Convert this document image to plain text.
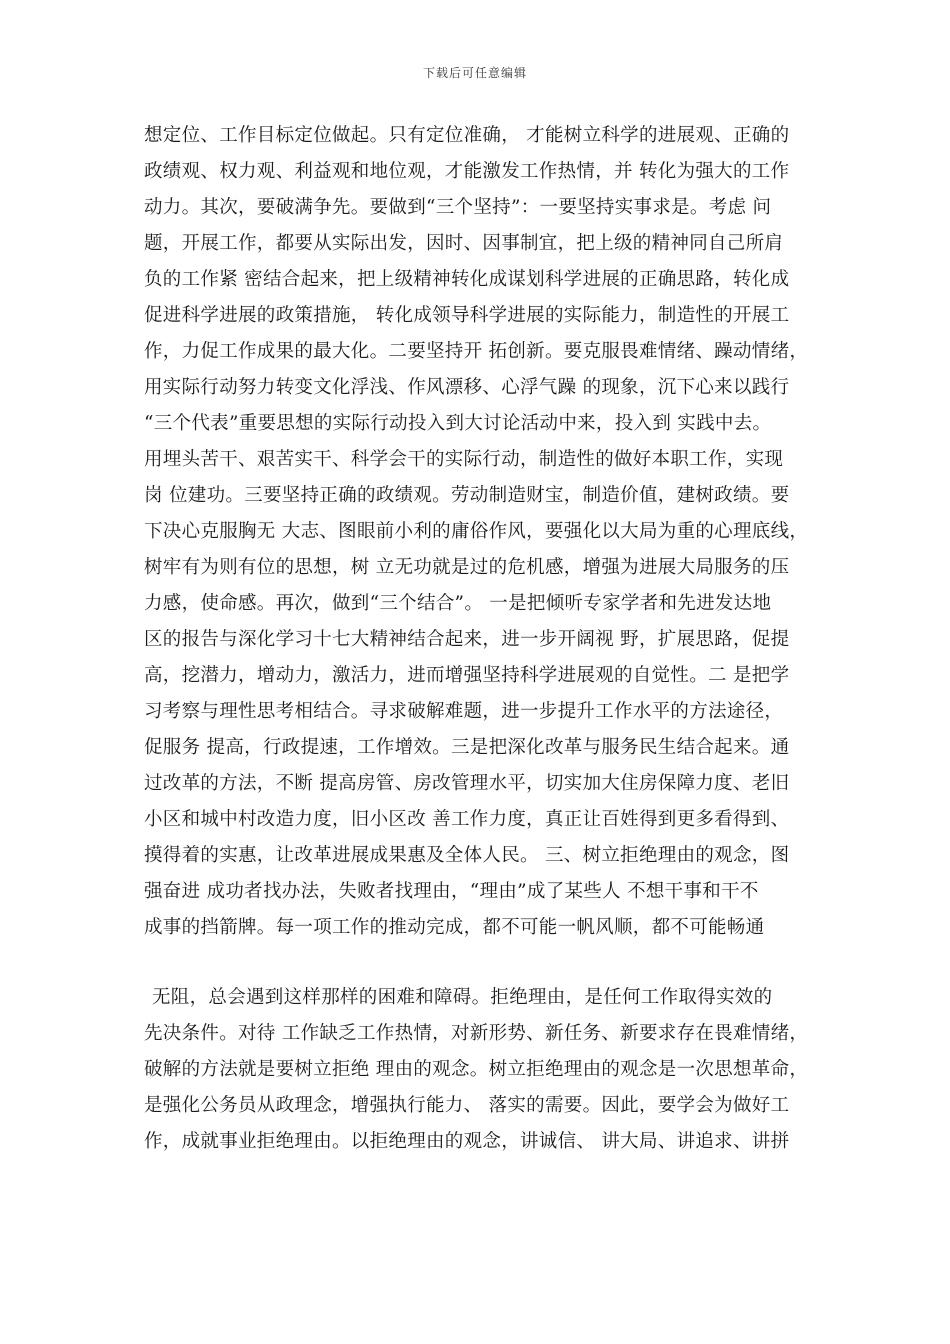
下载后可任意编辑
想定位、工作目标定位做起。只有定位准确， 才能树立科学的进展观、正确的
政绩观、权力观、利益观和地位观，才能激发工作热情，并 转化为强大的工作
动力。其次，要破满争先。要做到“三个坚持”：一要坚持实事求是。考虑 问
题，开展工作，都要从实际出发，因时、因事制宜，把上级的精神同自己所肩
负的工作紧 密结合起来，把上级精神转化成谋划科学进展的正确思路，转化成
促进科学进展的政策措施， 转化成领导科学进展的实际能力，制造性的开展工
作，力促工作成果的最大化。二要坚持开 拓创新。要克服畏难情绪、躁动情绪，
用实际行动努力转变文化浮浅、作风漂移、心浮气躁 的现象，沉下心来以践行
“三个代表”重要思想的实际行动投入到大讨论活动中来，投入到 实践中去。
用埋头苦干、艰苦实干、科学会干的实际行动，制造性的做好本职工作，实现
岗 位建功。三要坚持正确的政绩观。劳动制造财宝，制造价值，建树政绩。要
下决心克服胸无 大志、图眼前小利的庸俗作风，要强化以大局为重的心理底线，
树牢有为则有位的思想，树 立无功就是过的危机感，增强为进展大局服务的压
力感，使命感。再次，做到“三个结合”。 一是把倾听专家学者和先进发达地
区的报告与深化学习十七大精神结合起来，进一步开阔视 野，扩展思路，促提
高，挖潜力，增动力，激活力，进而增强坚持科学进展观的自觉性。二 是把学
习考察与理性思考相结合。寻求破解难题，进一步提升工作水平的方法途径，
促服务 提高，行政提速，工作增效。三是把深化改革与服务民生结合起来。通
过改革的方法，不断 提高房管、房改管理水平，切实加大住房保障力度、老旧
小区和城中村改造力度，旧小区改 善工作力度，真正让百姓得到更多看得到、
摸得着的实惠，让改革进展成果惠及全体人民。 三、树立拒绝理由的观念，图
强奋进 成功者找办法，失败者找理由，“理由”成了某些人 不想干事和干不
成事的挡箭牌。每一项工作的推动完成，都不可能一帆风顺，都不可能畅通
无阻，总会遇到这样那样的困难和障碍。拒绝理由，是任何工作取得实效的
先决条件。对待 工作缺乏工作热情，对新形势、新任务、新要求存在畏难情绪，
破解的方法就是要树立拒绝 理由的观念。树立拒绝理由的观念是一次思想革命，
是强化公务员从政理念，增强执行能力、 落实的需要。因此，要学会为做好工
作，成就事业拒绝理由。以拒绝理由的观念，讲诚信、 讲大局、讲追求、讲拼
